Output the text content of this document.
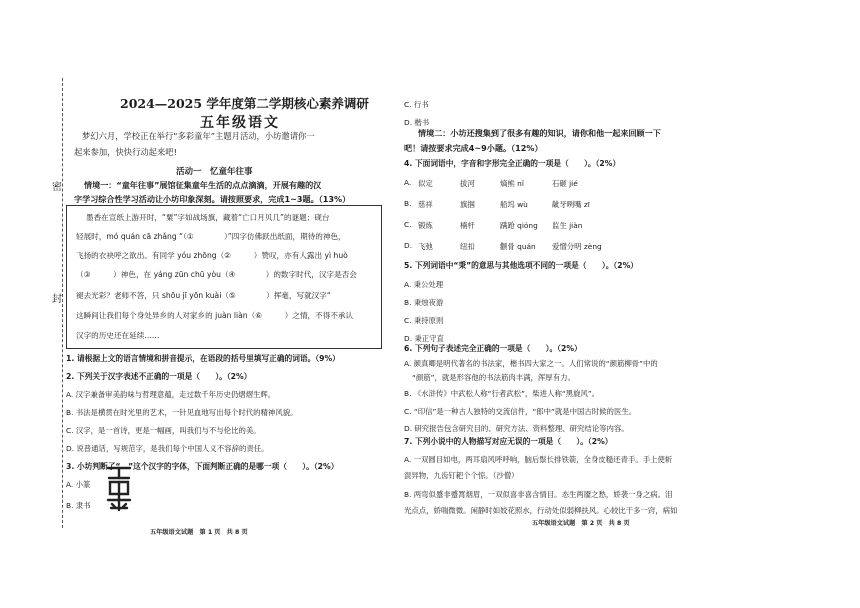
密
封
2024—2025 学年度第二学期核心素养调研
五年级语文
梦幻六月，学校正在举行“多彩童年”主题月活动，小坊邀请你一
起来参加，快快行动起来吧!
活动一　忆童年往事
情境一：“童年往事”展馆征集童年生活的点点滴滴，开展有趣的汉
字学习综合性学习活动让小坊印象深刻。请按照要求，完成1~3题。（13%）
墨香在宣纸上游开时，“粟”字如战场旗，藏着“亡口月贝几”的谜题；砚台
轻展时，mó quán cā zhǎng “（①　　　　）”四字仿佛跃出纸面，期待的神色，
飞扬的衣袂呼之欲出。有同学 yóu zhōng（②　　　）赞叹，亦有人露出 yì huò
（③　　　）神色，在 yáng zūn chū yòu（④　　　　）的数字时代，汉字是否会
褪去光彩？老师不答，只 shōu jī yōn kuài（⑤　　　　）挥毫，写就汉字“
这瞬间让我们每个身处异乡的人对家乡的 juàn liàn（⑥　　　）之情，不得不承认
汉字的历史还在延续……
1. 请根据上文的语言情境和拼音提示，在语段的括号里填写正确的词语。（9%）
2. 下列关于汉字表述不正确的一项是（　　）。（2%）
A. 汉字兼备审美韵味与哲理意蕴，走过数千年历史仍熠熠生辉。
B. 书法是横贯在时光里的艺术，一针见血地写出每个时代的精神风貌。
C. 汉字，是一首诗，更是一幅画，叫我们与不与伦比的美。
D. 说普通话，写规范字，是我们每个中国人义不容辞的责任。
3. 小坊判断了“　”这个汉字的字体，下面判断正确的是哪一项（　　）。（2%）
A. 小篆
B. 隶书
五年级语文试题　第 1 页　共 8 页
C. 行书
D. 楷书
情境二：小坊还搜集到了很多有趣的知识，请你和他一起来回顾一下
吧！请按要求完成4~9小题。（12%）
4. 下面词语中，字音和字形完全正确的一项是（　　）。（2%）
A. 似定	拔河	熵熊 nǐ	石砸 jié
B. 慈祥	旗掴	船坞 wù	龇牙咧嘴 zī
C. 锻炼	楠杆	蹒跄 qióng 监生 jiàn
D. 飞弛	纽扣	颧骨 quán 爱憎分明 zèng
5. 下列词语中“秉”的意思与其他选项不同的一项是（　　）。（2%）
A. 秉公处理
B. 秉烛夜游
C. 秉持原则
D. 秉正守直
6. 下列句子表述完全正确的一项是（　　）。（2%）
A. 颜真卿是明代著名的书法家，楷书四大家之一。人们常说的“颜筋柳骨”中的
“颜筋”，就是形容他的书法筋肉丰满，浑厚有力。
B. 《水浒传》中武松人称“行者武松”，柴进人称“黑旋风”。
C. “印信”是一种古人独特的交流信件，“郎中”就是中国古时候的医生。
D. 研究报告包含研究目的、研究方法、资料整理、研究结论等内容。
7. 下列小说中的人物描写对应无误的一项是（　　）。（2%）
A. 一双圆目如电，两耳扇风呼呼响，脑后鬃长排铁箭，全身皮糙还青手。手上使斩
混异物，九齿钉耙个个惊。（沙僧）
B. 两弯似蹙非蹙罥烟眉，一双似喜非喜含情目。态生两靥之愁，娇袭一身之病。泪
光点点，娇喘微微。闲静时如姣花照水，行动处似弱柳扶风。心较比干多一窍，病如
五年级语文试题　第 2 页　共 8 页
